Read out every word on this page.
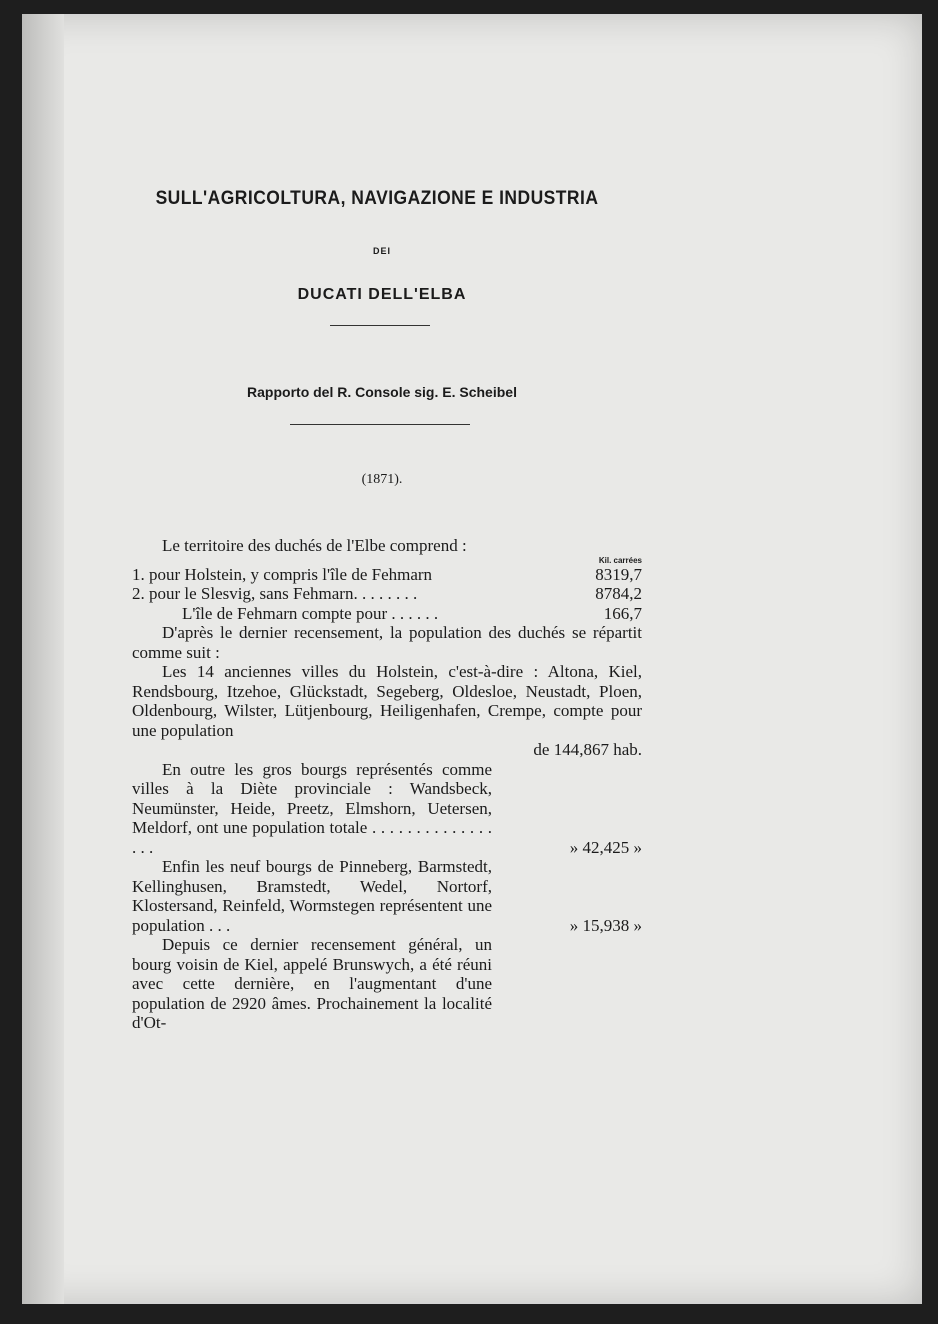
SULL'AGRICOLTURA, NAVIGAZIONE E INDUSTRIA
DEI
DUCATI DELL'ELBA
Rapporto del R. Console sig. E. Scheibel
(1871).
Le territoire des duchés de l'Elbe comprend :
Kil. carrées
1. pour Holstein, y compris l'île de Fehmarn	8319,7
2. pour le Slesvig, sans Fehmarn. . . . . . . .	8784,2
L'île de Fehmarn compte pour . . . . . .	166,7
D'après le dernier recensement, la population des duchés se répartit comme suit :
Les 14 anciennes villes du Holstein, c'est-à-dire : Altona, Kiel, Rendsbourg, Itzehoe, Glückstadt, Segeberg, Oldesloe, Neustadt, Ploen, Oldenbourg, Wilster, Lütjenbourg, Heiligenhafen, Crempe, compte pour une population
de 144,867 hab.
En outre les gros bourgs représentés comme villes à la Diète provinciale : Wandsbeck, Neumünster, Heide, Preetz, Elmshorn, Uetersen, Meldorf, ont une population totale . . . . . . . . . . . . . . . . .	» 42,425 »
Enfin les neuf bourgs de Pinneberg, Barmstedt, Kellinghusen, Bramstedt, Wedel, Nortorf, Klostersand, Reinfeld, Wormstegen représentent une population . . .	» 15,938 »
Depuis ce dernier recensement général, un bourg voisin de Kiel, appelé Brunswych, a été réuni avec cette dernière, en l'augmentant d'une population de 2920 âmes. Prochainement la localité d'Ot-
